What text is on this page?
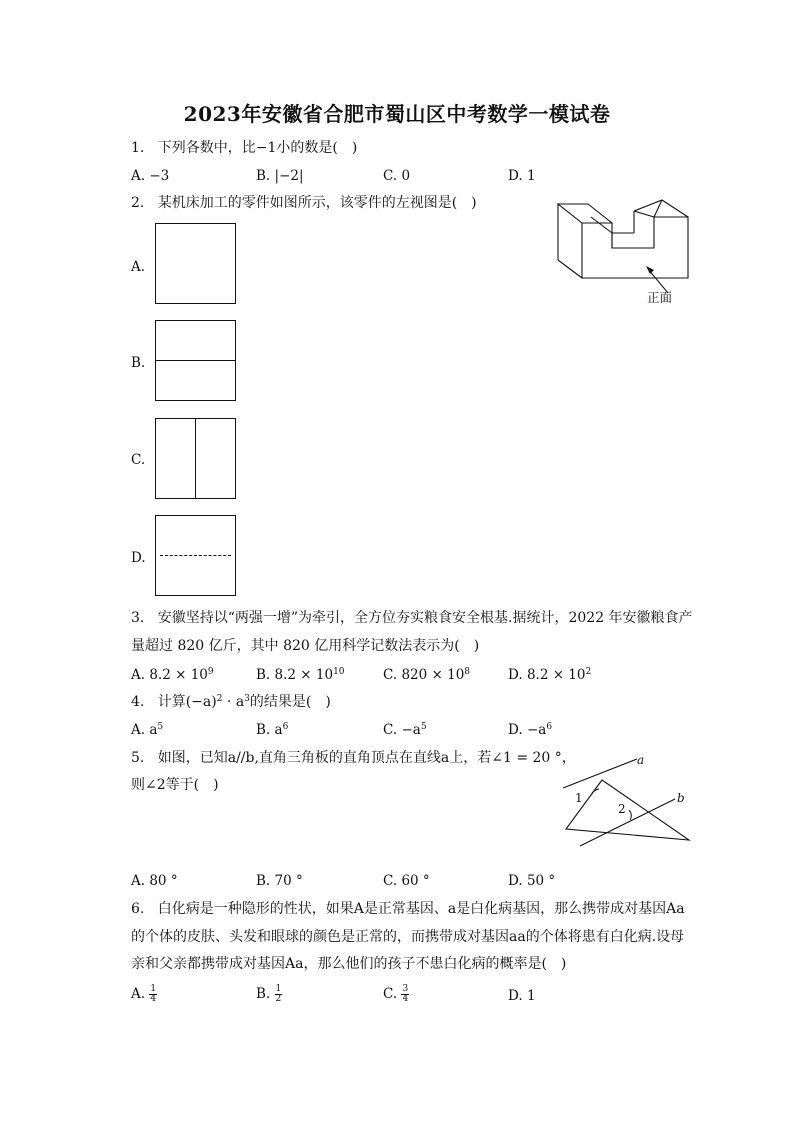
2023年安徽省合肥市蜀山区中考数学一模试卷
1. 下列各数中，比−1小的数是(　)
A. −3	B. |−2|	C. 0	D. 1
2. 某机床加工的零件如图所示，该零件的左视图是(　)
正面
A.
B.
C.
D.
3. 安徽坚持以“两强一增”为牵引，全方位夯实粮食安全根基.据统计，2022 年安徽粮食产
量超过 820 亿斤，其中 820 亿用科学记数法表示为(　)
A. $8.2 \times 10^9$	B. $8.2 \times 10^{10}$	C. $820 \times 10^8$	D. $8.2 \times 10^2$
4. 计算$(-a)^2 \cdot a^3$的结果是(　)
A. $a^5$	B. $a^6$	C. $-a^5$	D. $-a^6$
5. 如图，已知a//b,直角三角板的直角顶点在直线a上，若∠1 = 20 °，
则∠2等于(　)
a
b
1
2
A. 80 °	B. 70 °	C. 60 °	D. 50 °
6. 白化病是一种隐形的性状，如果A是正常基因、a是白化病基因，那么携带成对基因Aa
的个体的皮肤、头发和眼球的颜色是正常的，而携带成对基因aa的个体将患有白化病.设母
亲和父亲都携带成对基因Aa，那么他们的孩子不患白化病的概率是(　)
A. $\frac{1}{4}$	B. $\frac{1}{2}$	C. $\frac{3}{4}$	D. 1
